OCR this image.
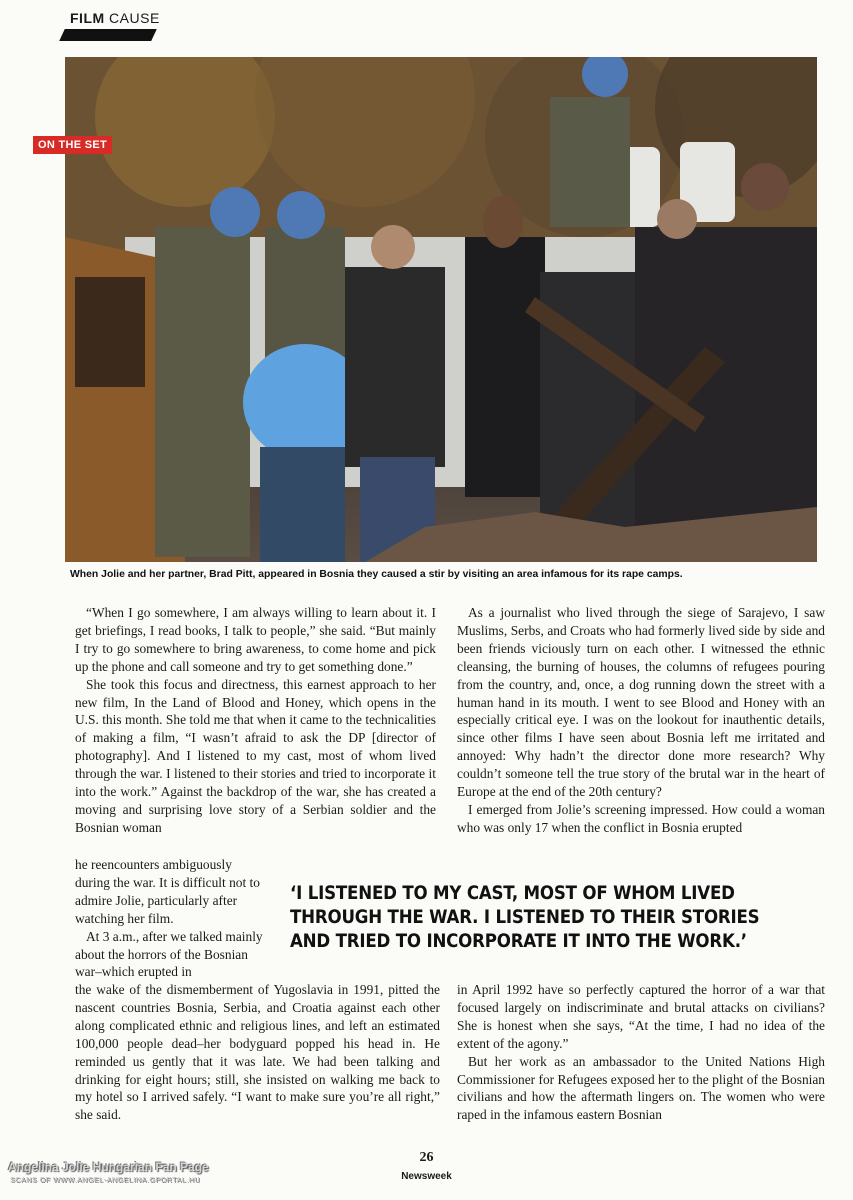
FILM CAUSE
ON THE SET
When Jolie and her partner, Brad Pitt, appeared in Bosnia they caused a stir by visiting an area infamous for its rape camps.

“When I go somewhere, I am always willing to learn about it. I get briefings, I read books, I talk to people,” she said. “But mainly I try to go somewhere to bring awareness, to come home and pick up the phone and call someone and try to get something done.”

She took this focus and directness, this earnest approach to her new film, In the Land of Blood and Honey, which opens in the U.S. this month. She told me that when it came to the technicalities of making a film, “I wasn’t afraid to ask the DP [director of photography]. And I listened to my cast, most of whom lived through the war. I listened to their stories and tried to incorporate it into the work.” Against the backdrop of the war, she has created a moving and surprising love story of a Serbian soldier and the Bosnian woman

he reencounters ambiguously during the war. It is difficult not to admire Jolie, particularly after watching her film.

At 3 a.m., after we talked mainly about the horrors of the Bosnian war–which erupted in

the wake of the dismemberment of Yugoslavia in 1991, pitted the nascent countries Bosnia, Serbia, and Croatia against each other along complicated ethnic and religious lines, and left an estimated 100,000 people dead–her bodyguard popped his head in. He reminded us gently that it was late. We had been talking and drinking for eight hours; still, she insisted on walking me back to my hotel so I arrived safely. “I want to make sure you’re all right,” she said.

As a journalist who lived through the siege of Sarajevo, I saw Muslims, Serbs, and Croats who had formerly lived side by side and been friends viciously turn on each other. I witnessed the ethnic cleansing, the burning of houses, the columns of refugees pouring from the country, and, once, a dog running down the street with a human hand in its mouth. I went to see Blood and Honey with an especially critical eye. I was on the lookout for inauthentic details, since other films I have seen about Bosnia left me irritated and annoyed: Why hadn’t the director done more research? Why couldn’t someone tell the true story of the brutal war in the heart of Europe at the end of the 20th century?

I emerged from Jolie’s screening impressed. How could a woman who was only 17 when the conflict in Bosnia erupted

‘I LISTENED TO MY CAST, MOST OF WHOM LIVED THROUGH THE WAR. I LISTENED TO THEIR STORIES AND TRIED TO INCORPORATE IT INTO THE WORK.’

in April 1992 have so perfectly captured the horror of a war that focused largely on indiscriminate and brutal attacks on civilians? She is honest when she says, “At the time, I had no idea of the extent of the agony.”

But her work as an ambassador to the United Nations High Commissioner for Refugees exposed her to the plight of the Bosnian civilians and how the aftermath lingers on. The women who were raped in the infamous eastern Bosnian

26
Newsweek
Angelina Jolie Hungarian Fan Page
SCANS OF WWW.ANGEL-ANGELINA.GPORTAL.HU
